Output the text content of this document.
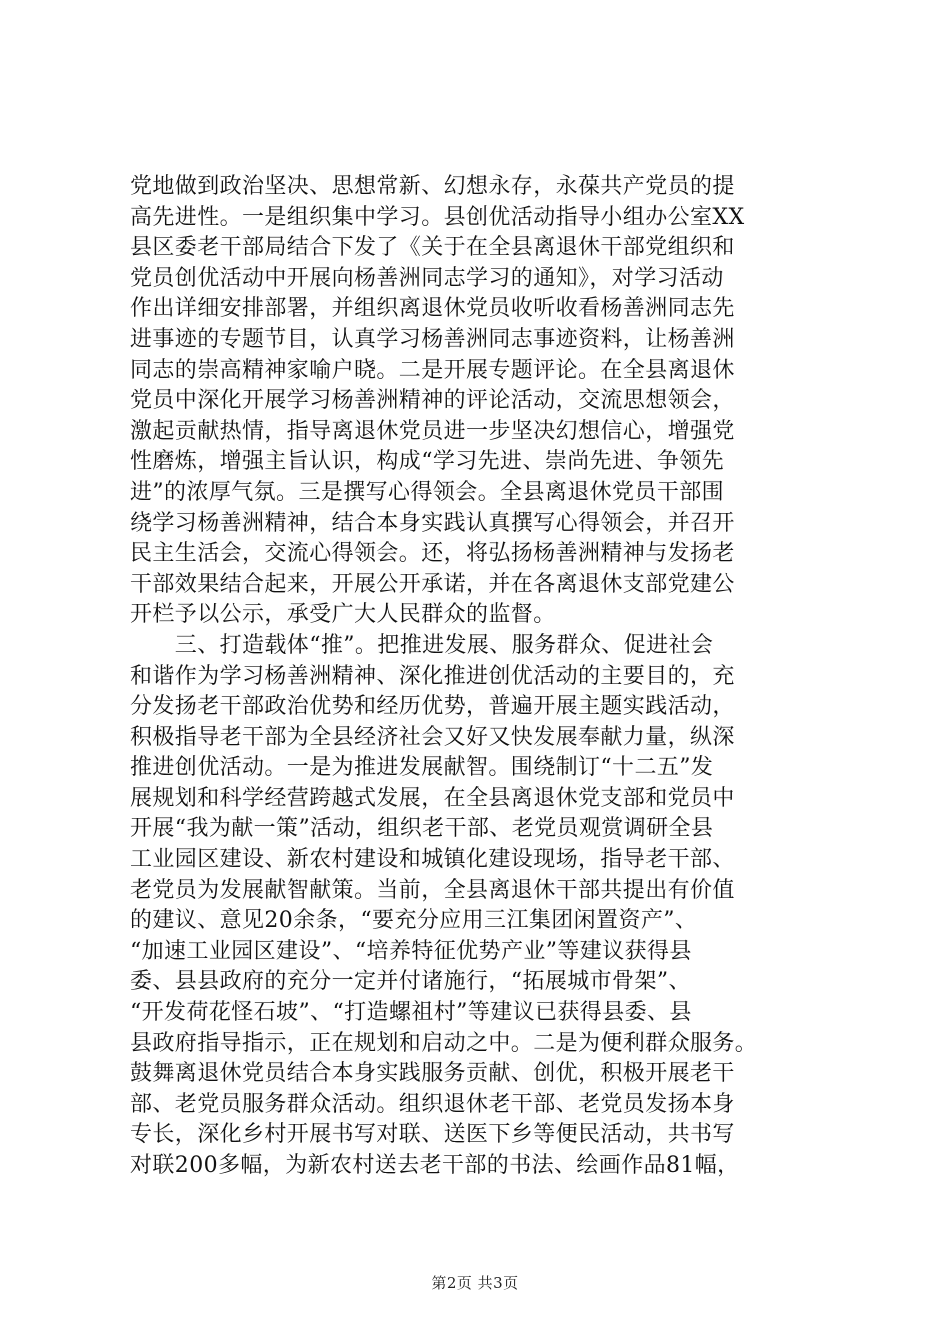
党地做到政治坚决、思想常新、幻想永存，永葆共产党员的提
高先进性。一是组织集中学习。县创优活动指导小组办公室XX
县区委老干部局结合下发了《关于在全县离退休干部党组织和
党员创优活动中开展向杨善洲同志学习的通知》，对学习活动
作出详细安排部署，并组织离退休党员收听收看杨善洲同志先
进事迹的专题节目，认真学习杨善洲同志事迹资料，让杨善洲
同志的崇高精神家喻户晓。二是开展专题评论。在全县离退休
党员中深化开展学习杨善洲精神的评论活动，交流思想领会，
激起贡献热情，指导离退休党员进一步坚决幻想信心，增强党
性磨炼，增强主旨认识，构成“学习先进、崇尚先进、争领先
进”的浓厚气氛。三是撰写心得领会。全县离退休党员干部围
绕学习杨善洲精神，结合本身实践认真撰写心得领会，并召开
民主生活会，交流心得领会。还，将弘扬杨善洲精神与发扬老
干部效果结合起来，开展公开承诺，并在各离退休支部党建公
开栏予以公示，承受广大人民群众的监督。
　　三、打造载体“推”。把推进发展、服务群众、促进社会
和谐作为学习杨善洲精神、深化推进创优活动的主要目的，充
分发扬老干部政治优势和经历优势，普遍开展主题实践活动，
积极指导老干部为全县经济社会又好又快发展奉献力量，纵深
推进创优活动。一是为推进发展献智。围绕制订“十二五”发
展规划和科学经营跨越式发展，在全县离退休党支部和党员中
开展“我为献一策”活动，组织老干部、老党员观赏调研全县
工业园区建设、新农村建设和城镇化建设现场，指导老干部、
老党员为发展献智献策。当前，全县离退休干部共提出有价值
的建议、意见20余条，“要充分应用三江集团闲置资产”、
“加速工业园区建设”、“培养特征优势产业”等建议获得县
委、县县政府的充分一定并付诸施行，“拓展城市骨架”、
“开发荷花怪石坡”、“打造螺祖村”等建议已获得县委、县
县政府指导指示，正在规划和启动之中。二是为便利群众服务。
鼓舞离退休党员结合本身实践服务贡献、创优，积极开展老干
部、老党员服务群众活动。组织退休老干部、老党员发扬本身
专长，深化乡村开展书写对联、送医下乡等便民活动，共书写
对联200多幅，为新农村送去老干部的书法、绘画作品81幅，
第2页 共3页
